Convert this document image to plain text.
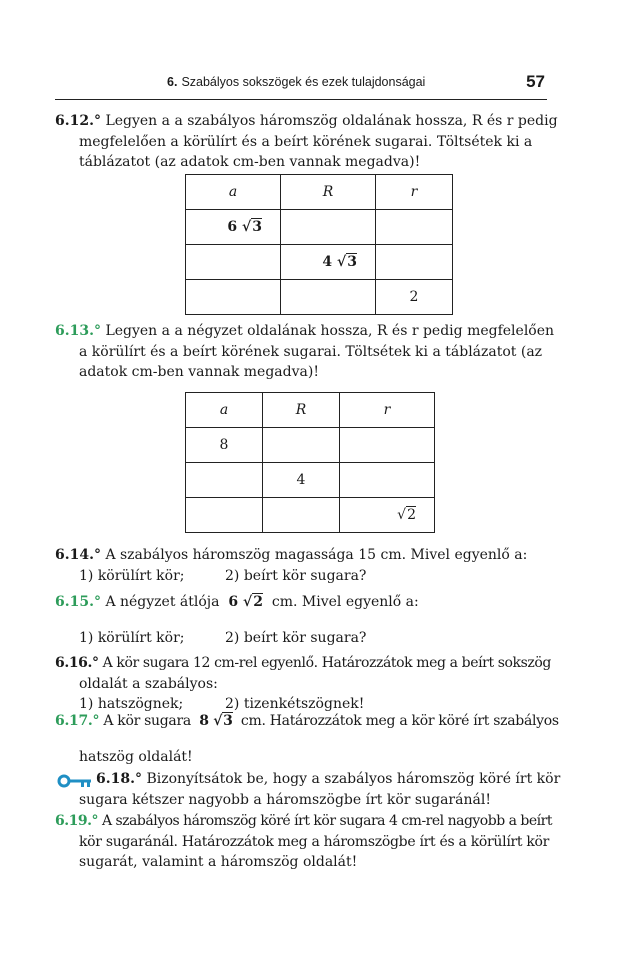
6. Szabályos sokszögek és ezek tulajdonságai	57
6.12.° Legyen a a szabályos háromszög oldalának hossza, R és r pedig
megfelelően a körülírt és a beírt körének sugarai. Töltsétek ki a
táblázatot (az adatok cm-ben vannak megadva)!
a	R	r
6 √3		
	4 √3	
		2
6.13.° Legyen a a négyzet oldalának hossza, R és r pedig megfelelően
a körülírt és a beírt körének sugarai. Töltsétek ki a táblázatot (az
adatok cm-ben vannak megadva)!
a	R	r
8		
	4	
		√2
6.14.° A szabályos háromszög magassága 15 cm. Mivel egyenlő a:
1) körülírt kör;	2) beírt kör sugara?
6.15.° A négyzet átlója 6 √2 cm. Mivel egyenlő a:
1) körülírt kör;	2) beírt kör sugara?
6.16.° A kör sugara 12 cm-rel egyenlő. Határozzátok meg a beírt sokszög
oldalát a szabályos:
1) hatszögnek;	2) tizenkétszögnek!
6.17.° A kör sugara 8 √3 cm. Határozzátok meg a kör köré írt szabályos
hatszög oldalát!
6.18.° Bizonyítsátok be, hogy a szabályos háromszög köré írt kör
sugara kétszer nagyobb a háromszögbe írt kör sugaránál!
6.19.° A szabályos háromszög köré írt kör sugara 4 cm-rel nagyobb a beírt
kör sugaránál. Határozzátok meg a háromszögbe írt és a körülírt kör
sugarát, valamint a háromszög oldalát!
